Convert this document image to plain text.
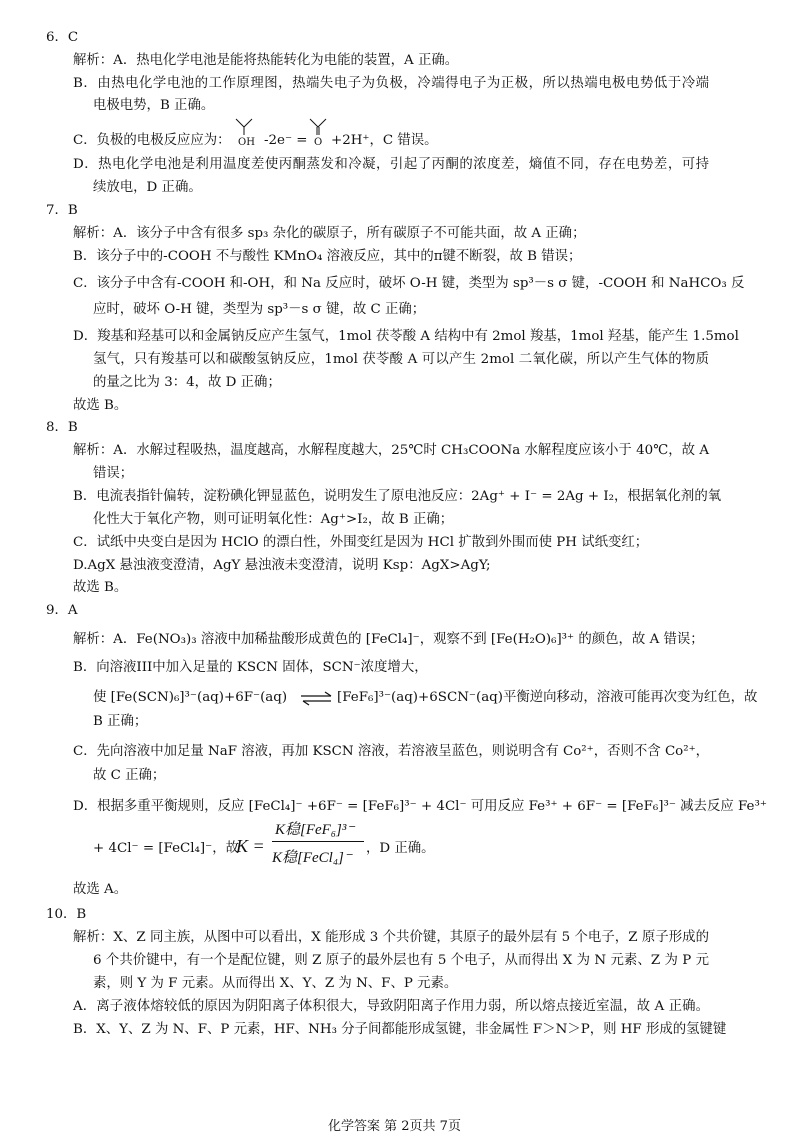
6．C
解析：A．热电化学电池是能将热能转化为电能的装置，A 正确。
B．由热电化学电池的工作原理图，热端失电子为负极，冷端得电子为正极，所以热端电极电势低于冷端
电极电势，B 正确。
C．负极的电极反应应为： OH -2e⁻ = O +2H⁺，C 错误。
D．热电化学电池是利用温度差使丙酮蒸发和冷凝，引起了丙酮的浓度差，熵值不同，存在电势差，可持
续放电，D 正确。
7．B
解析：A．该分子中含有很多 sp₃ 杂化的碳原子，所有碳原子不可能共面，故 A 正确；
B．该分子中的-COOH 不与酸性 KMnO₄ 溶液反应，其中的π键不断裂，故 B 错误；
C．该分子中含有-COOH 和-OH，和 Na 反应时，破坏 O-H 键，类型为 sp³－s σ 键，-COOH 和 NaHCO₃ 反
应时，破坏 O-H 键，类型为 sp³－s σ 键，故 C 正确；
D．羧基和羟基可以和金属钠反应产生氢气，1mol 茯苓酸 A 结构中有 2mol 羧基，1mol 羟基，能产生 1.5mol
氢气，只有羧基可以和碳酸氢钠反应，1mol 茯苓酸 A 可以产生 2mol 二氧化碳，所以产生气体的物质
的量之比为 3：4，故 D 正确；
故选 B。
8．B
解析：A．水解过程吸热，温度越高，水解程度越大，25℃时 CH₃COONa 水解程度应该小于 40℃，故 A
错误；
B．电流表指针偏转，淀粉碘化钾显蓝色，说明发生了原电池反应：2Ag⁺ + I⁻ = 2Ag + I₂，根据氧化剂的氧
化性大于氧化产物，则可证明氧化性：Ag⁺>I₂，故 B 正确；
C．试纸中央变白是因为 HClO 的漂白性，外围变红是因为 HCl 扩散到外围而使 PH 试纸变红；
D.AgX 悬浊液变澄清，AgY 悬浊液未变澄清，说明 Ksp：AgX>AgY;
故选 B。
9．A
解析：A．Fe(NO₃)₃ 溶液中加稀盐酸形成黄色的 [FeCl₄]⁻，观察不到 [Fe(H₂O)₆]³⁺ 的颜色，故 A 错误；
B．向溶液III中加入足量的 KSCN 固体，SCN⁻浓度增大，
使 [Fe(SCN)₆]³⁻(aq)+6F⁻(aq) ⇌ [FeF₆]³⁻(aq)+6SCN⁻(aq)平衡逆向移动，溶液可能再次变为红色，故
B 正确；
C．先向溶液中加足量 NaF 溶液，再加 KSCN 溶液，若溶液呈蓝色，则说明含有 Co²⁺，否则不含 Co²⁺，
故 C 正确；
D．根据多重平衡规则，反应 [FeCl₄]⁻ +6F⁻ = [FeF₆]³⁻ + 4Cl⁻ 可用反应 Fe³⁺ + 6F⁻ = [FeF₆]³⁻ 减去反应 Fe³⁺
+ 4Cl⁻ = [FeCl₄]⁻，故
K =
K稳[FeF₆]³⁻
K稳[FeCl₄]⁻
，D 正确。
故选 A。
10．B
解析：X、Z 同主族，从图中可以看出，X 能形成 3 个共价键，其原子的最外层有 5 个电子，Z 原子形成的
6 个共价键中，有一个是配位键，则 Z 原子的最外层也有 5 个电子，从而得出 X 为 N 元素、Z 为 P 元
素，则 Y 为 F 元素。从而得出 X、Y、Z 为 N、F、P 元素。
A．离子液体熔较低的原因为阴阳离子体积很大，导致阴阳离子作用力弱，所以熔点接近室温，故 A 正确。
B．X、Y、Z 为 N、F、P 元素，HF、NH₃ 分子间都能形成氢键，非金属性 F＞N＞P，则 HF 形成的氢键键
化学答案 第 2页共 7页
